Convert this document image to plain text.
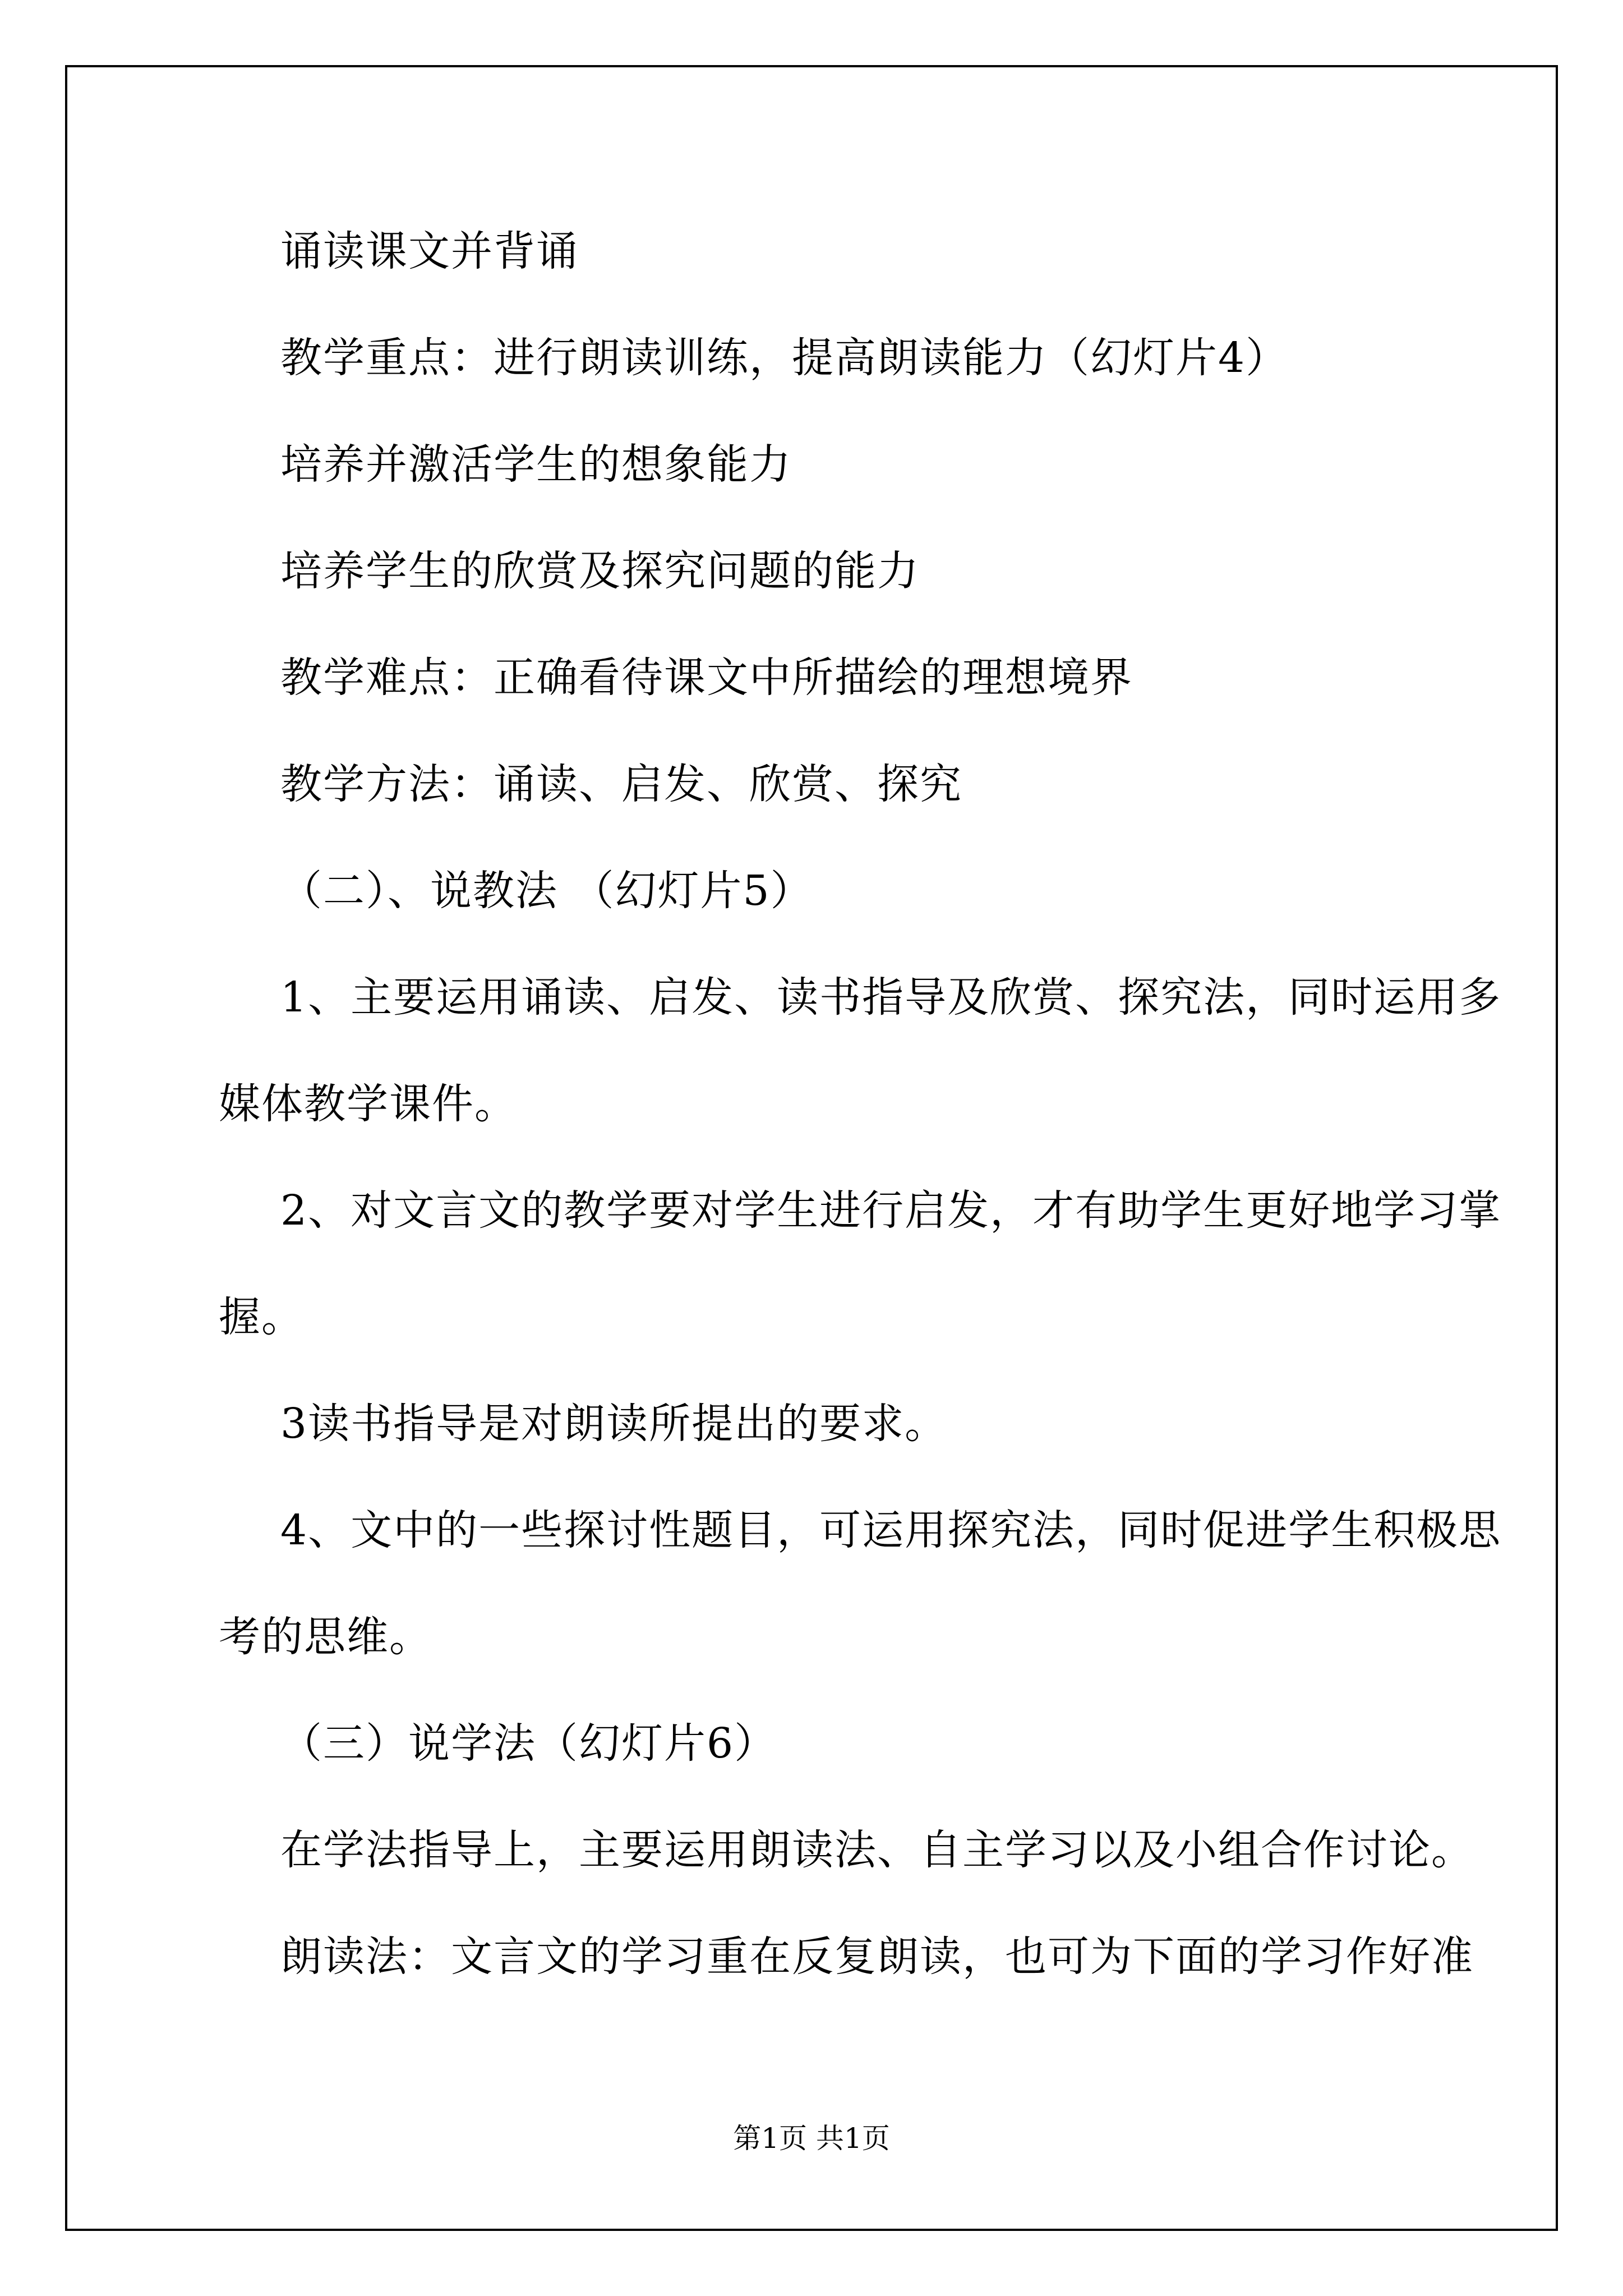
诵读课文并背诵
教学重点：进行朗读训练，提高朗读能力（幻灯片4）
培养并激活学生的想象能力
培养学生的欣赏及探究问题的能力
教学难点：正确看待课文中所描绘的理想境界
教学方法：诵读、启发、欣赏、探究
（二）、说教法 （幻灯片5）
1、主要运用诵读、启发、读书指导及欣赏、探究法，同时运用多
媒体教学课件。
2、对文言文的教学要对学生进行启发，才有助学生更好地学习掌
握。
3读书指导是对朗读所提出的要求。
4、文中的一些探讨性题目，可运用探究法，同时促进学生积极思
考的思维。
（三）说学法（幻灯片6）
在学法指导上，主要运用朗读法、自主学习以及小组合作讨论。
朗读法：文言文的学习重在反复朗读，也可为下面的学习作好准
第1页 共1页
